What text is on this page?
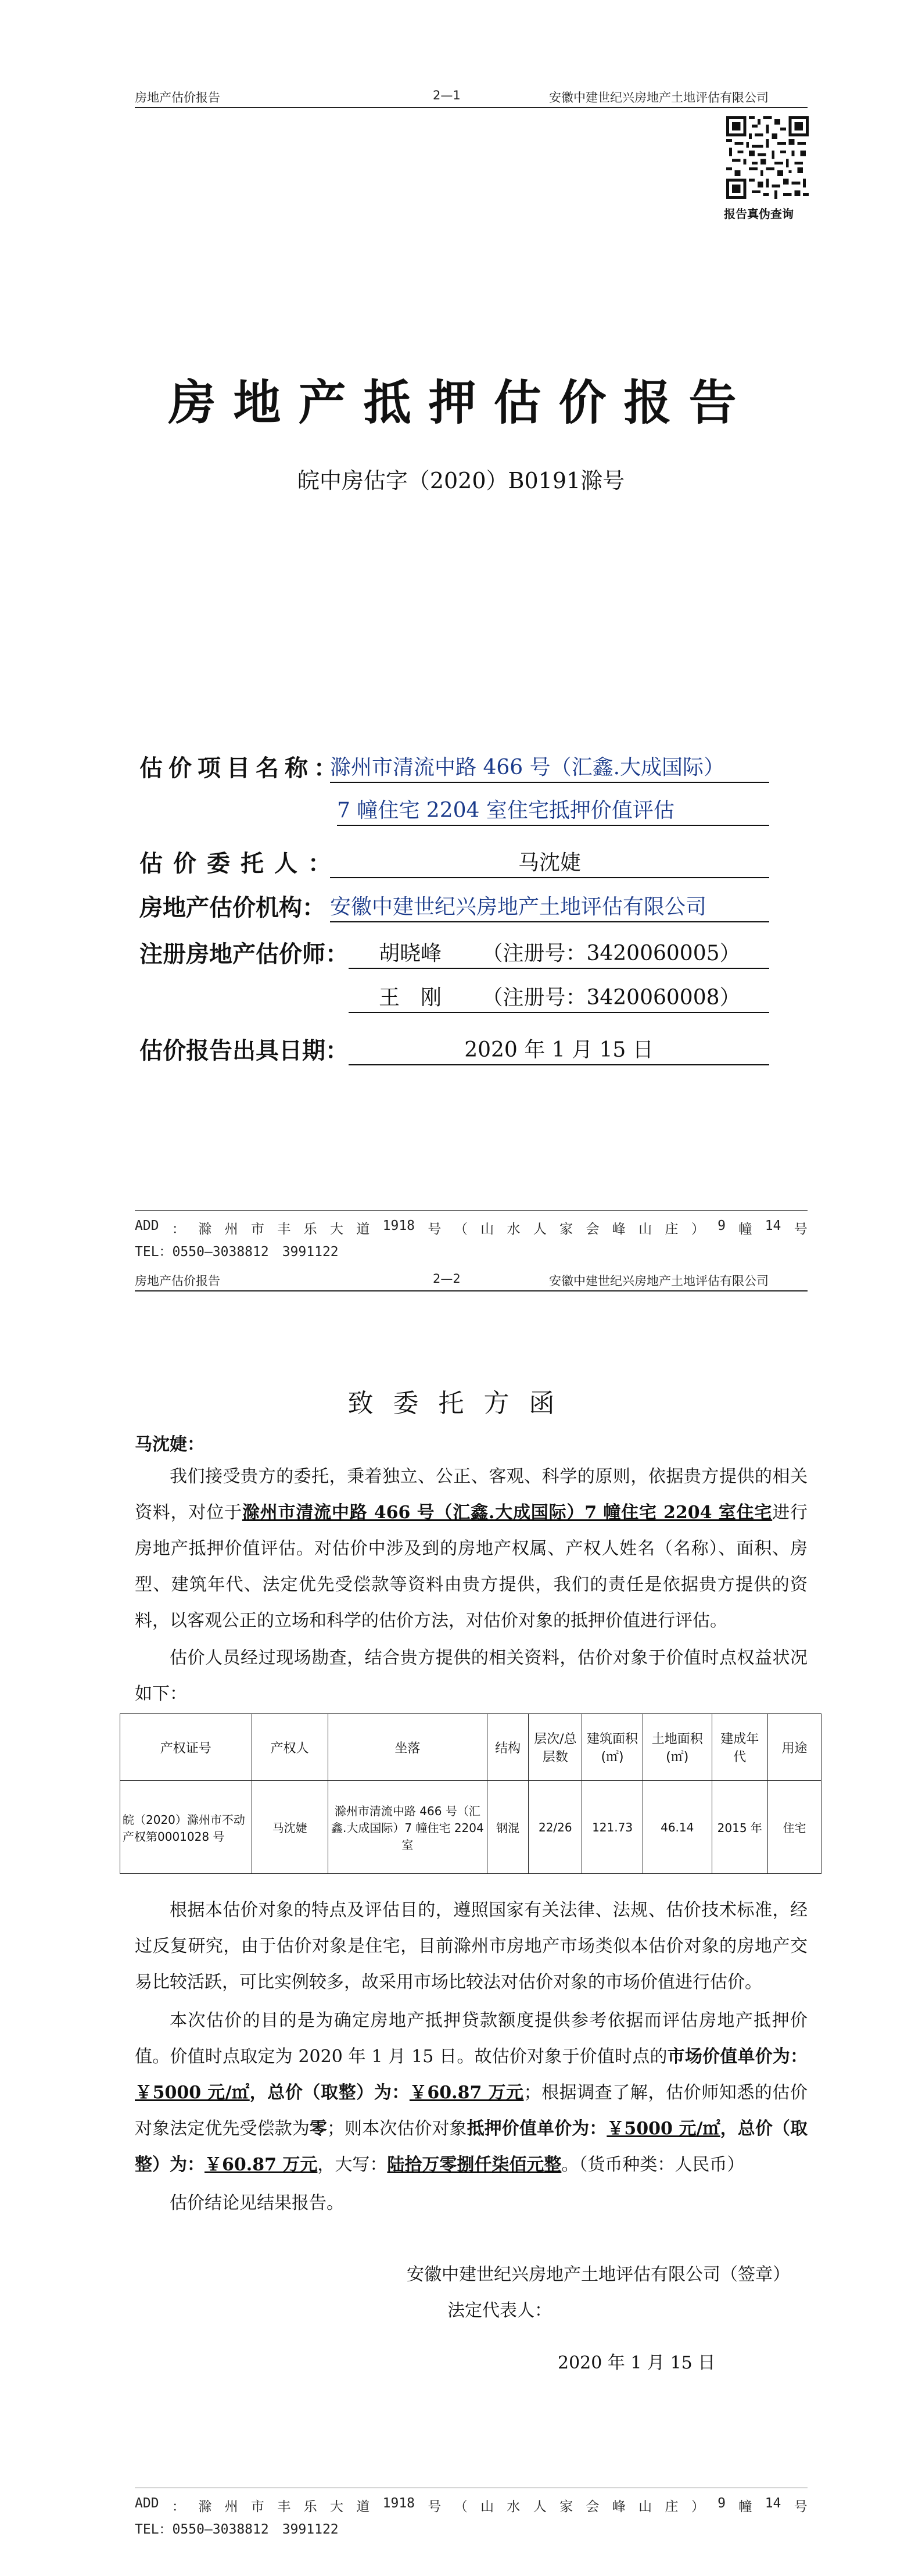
房地产估价报告	2—1	安徽中建世纪兴房地产土地评估有限公司
报告真伪查询
房地产抵押估价报告
皖中房估字（2020）B0191滁号
估价项目名称：
滁州市清流中路 466 号（汇鑫.大成国际）
7 幢住宅 2204 室住宅抵押价值评估
估价委托人：	马沈婕
房地产估价机构： 安徽中建世纪兴房地产土地评估有限公司
注册房地产估价师：	胡晓峰 （注册号：3420060005）
王　刚 （注册号：3420060008）
估价报告出具日期：	2020 年 1 月 15 日
ADD ： 滁 州 市 丰 乐 大 道 1918 号 （ 山 水 人 家 会 峰 山 庄 ） 9 幢 14 号
TEL：0550—3038812　3991122
房地产估价报告	2—2	安徽中建世纪兴房地产土地评估有限公司
致委托方函
马沈婕：
我们接受贵方的委托，秉着独立、公正、客观、科学的原则，依据贵方提供的相关资料，对位于滁州市清流中路 466 号（汇鑫.大成国际）7 幢住宅 2204 室住宅进行房地产抵押价值评估。对估价中涉及到的房地产权属、产权人姓名（名称）、面积、房型、建筑年代、法定优先受偿款等资料由贵方提供，我们的责任是依据贵方提供的资料，以客观公正的立场和科学的估价方法，对估价对象的抵押价值进行评估。
估价人员经过现场勘查，结合贵方提供的相关资料，估价对象于价值时点权益状况如下：
产权证号	产权人	坐落	结构	层次/总层数	建筑面积(㎡)	土地面积(㎡)	建成年代	用途
皖（2020）滁州市不动产权第0001028 号	马沈婕	滁州市清流中路 466 号（汇鑫.大成国际）7 幢住宅 2204 室	钢混	22/26	121.73	46.14	2015 年	住宅
根据本估价对象的特点及评估目的，遵照国家有关法律、法规、估价技术标准，经过反复研究，由于估价对象是住宅，目前滁州市房地产市场类似本估价对象的房地产交易比较活跃，可比实例较多，故采用市场比较法对估价对象的市场价值进行估价。
本次估价的目的是为确定房地产抵押贷款额度提供参考依据而评估房地产抵押价值。价值时点取定为 2020 年 1 月 15 日。故估价对象于价值时点的市场价值单价为：￥5000 元/㎡，总价（取整）为：￥60.87 万元；根据调查了解，估价师知悉的估价对象法定优先受偿款为零；则本次估价对象抵押价值单价为：￥5000 元/㎡，总价（取整）为：￥60.87 万元，大写：陆拾万零捌仟柒佰元整。（货币种类：人民币）
估价结论见结果报告。
安徽中建世纪兴房地产土地评估有限公司（签章）
法定代表人：
2020 年 1 月 15 日
ADD ： 滁 州 市 丰 乐 大 道 1918 号 （ 山 水 人 家 会 峰 山 庄 ） 9 幢 14 号
TEL：0550—3038812　3991122
